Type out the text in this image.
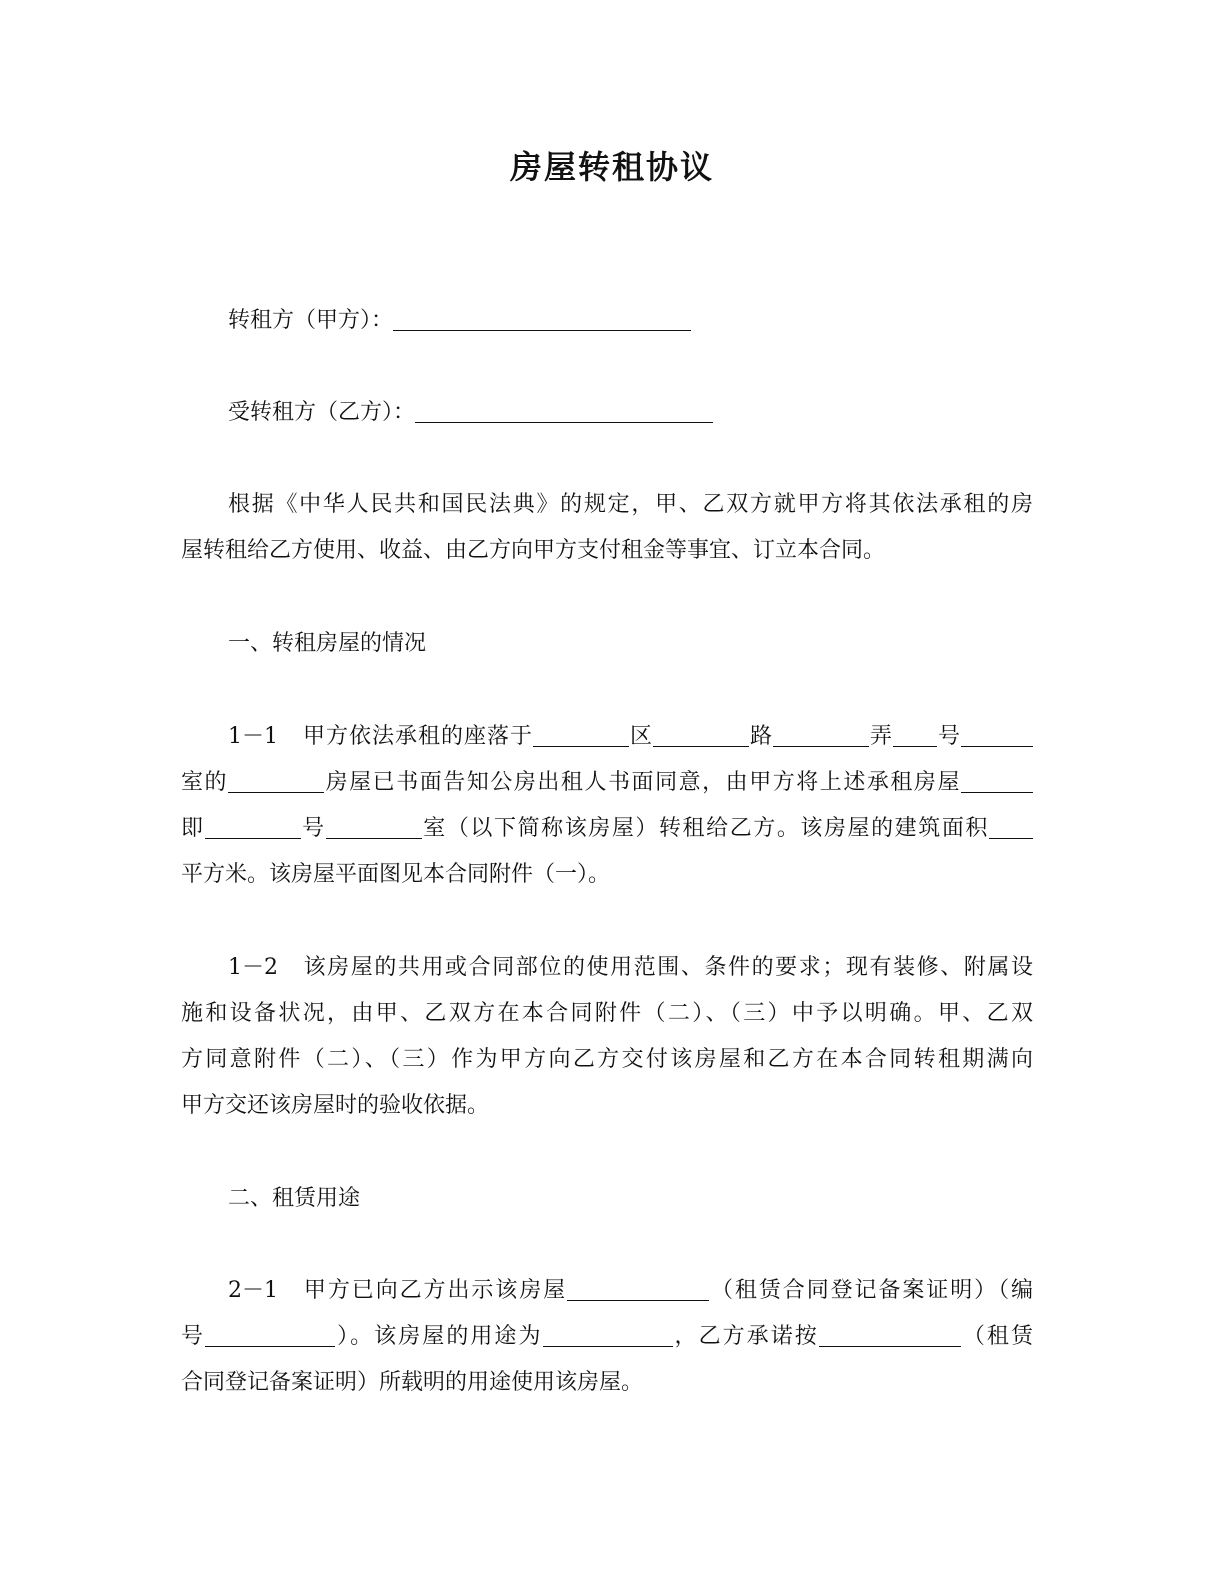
房屋转租协议
转租方（甲方）：
受转租方（乙方）：
根据《中华人民共和国民法典》的规定，甲、乙双方就甲方将其依法承租的房
屋转租给乙方使用、收益、由乙方向甲方支付租金等事宜、订立本合同。
一、转租房屋的情况
1－1 甲方依法承租的座落于	区	路	弄 号
室的	房屋已书面告知公房出租人书面同意，由甲方将上述承租房屋
即	号	室（以下简称该房屋）转租给乙方。该房屋的建筑面积
平方米。该房屋平面图见本合同附件（一）。
1－2 该房屋的共用或合同部位的使用范围、条件的要求；现有装修、附属设
施和设备状况，由甲、乙双方在本合同附件（二）、（三）中予以明确。甲、乙双
方同意附件（二）、（三）作为甲方向乙方交付该房屋和乙方在本合同转租期满向
甲方交还该房屋时的验收依据。
二、租赁用途
2－1 甲方已向乙方出示该房屋	（租赁合同登记备案证明）（编
号	）。该房屋的用途为	，乙方承诺按	（租赁
合同登记备案证明）所载明的用途使用该房屋。
